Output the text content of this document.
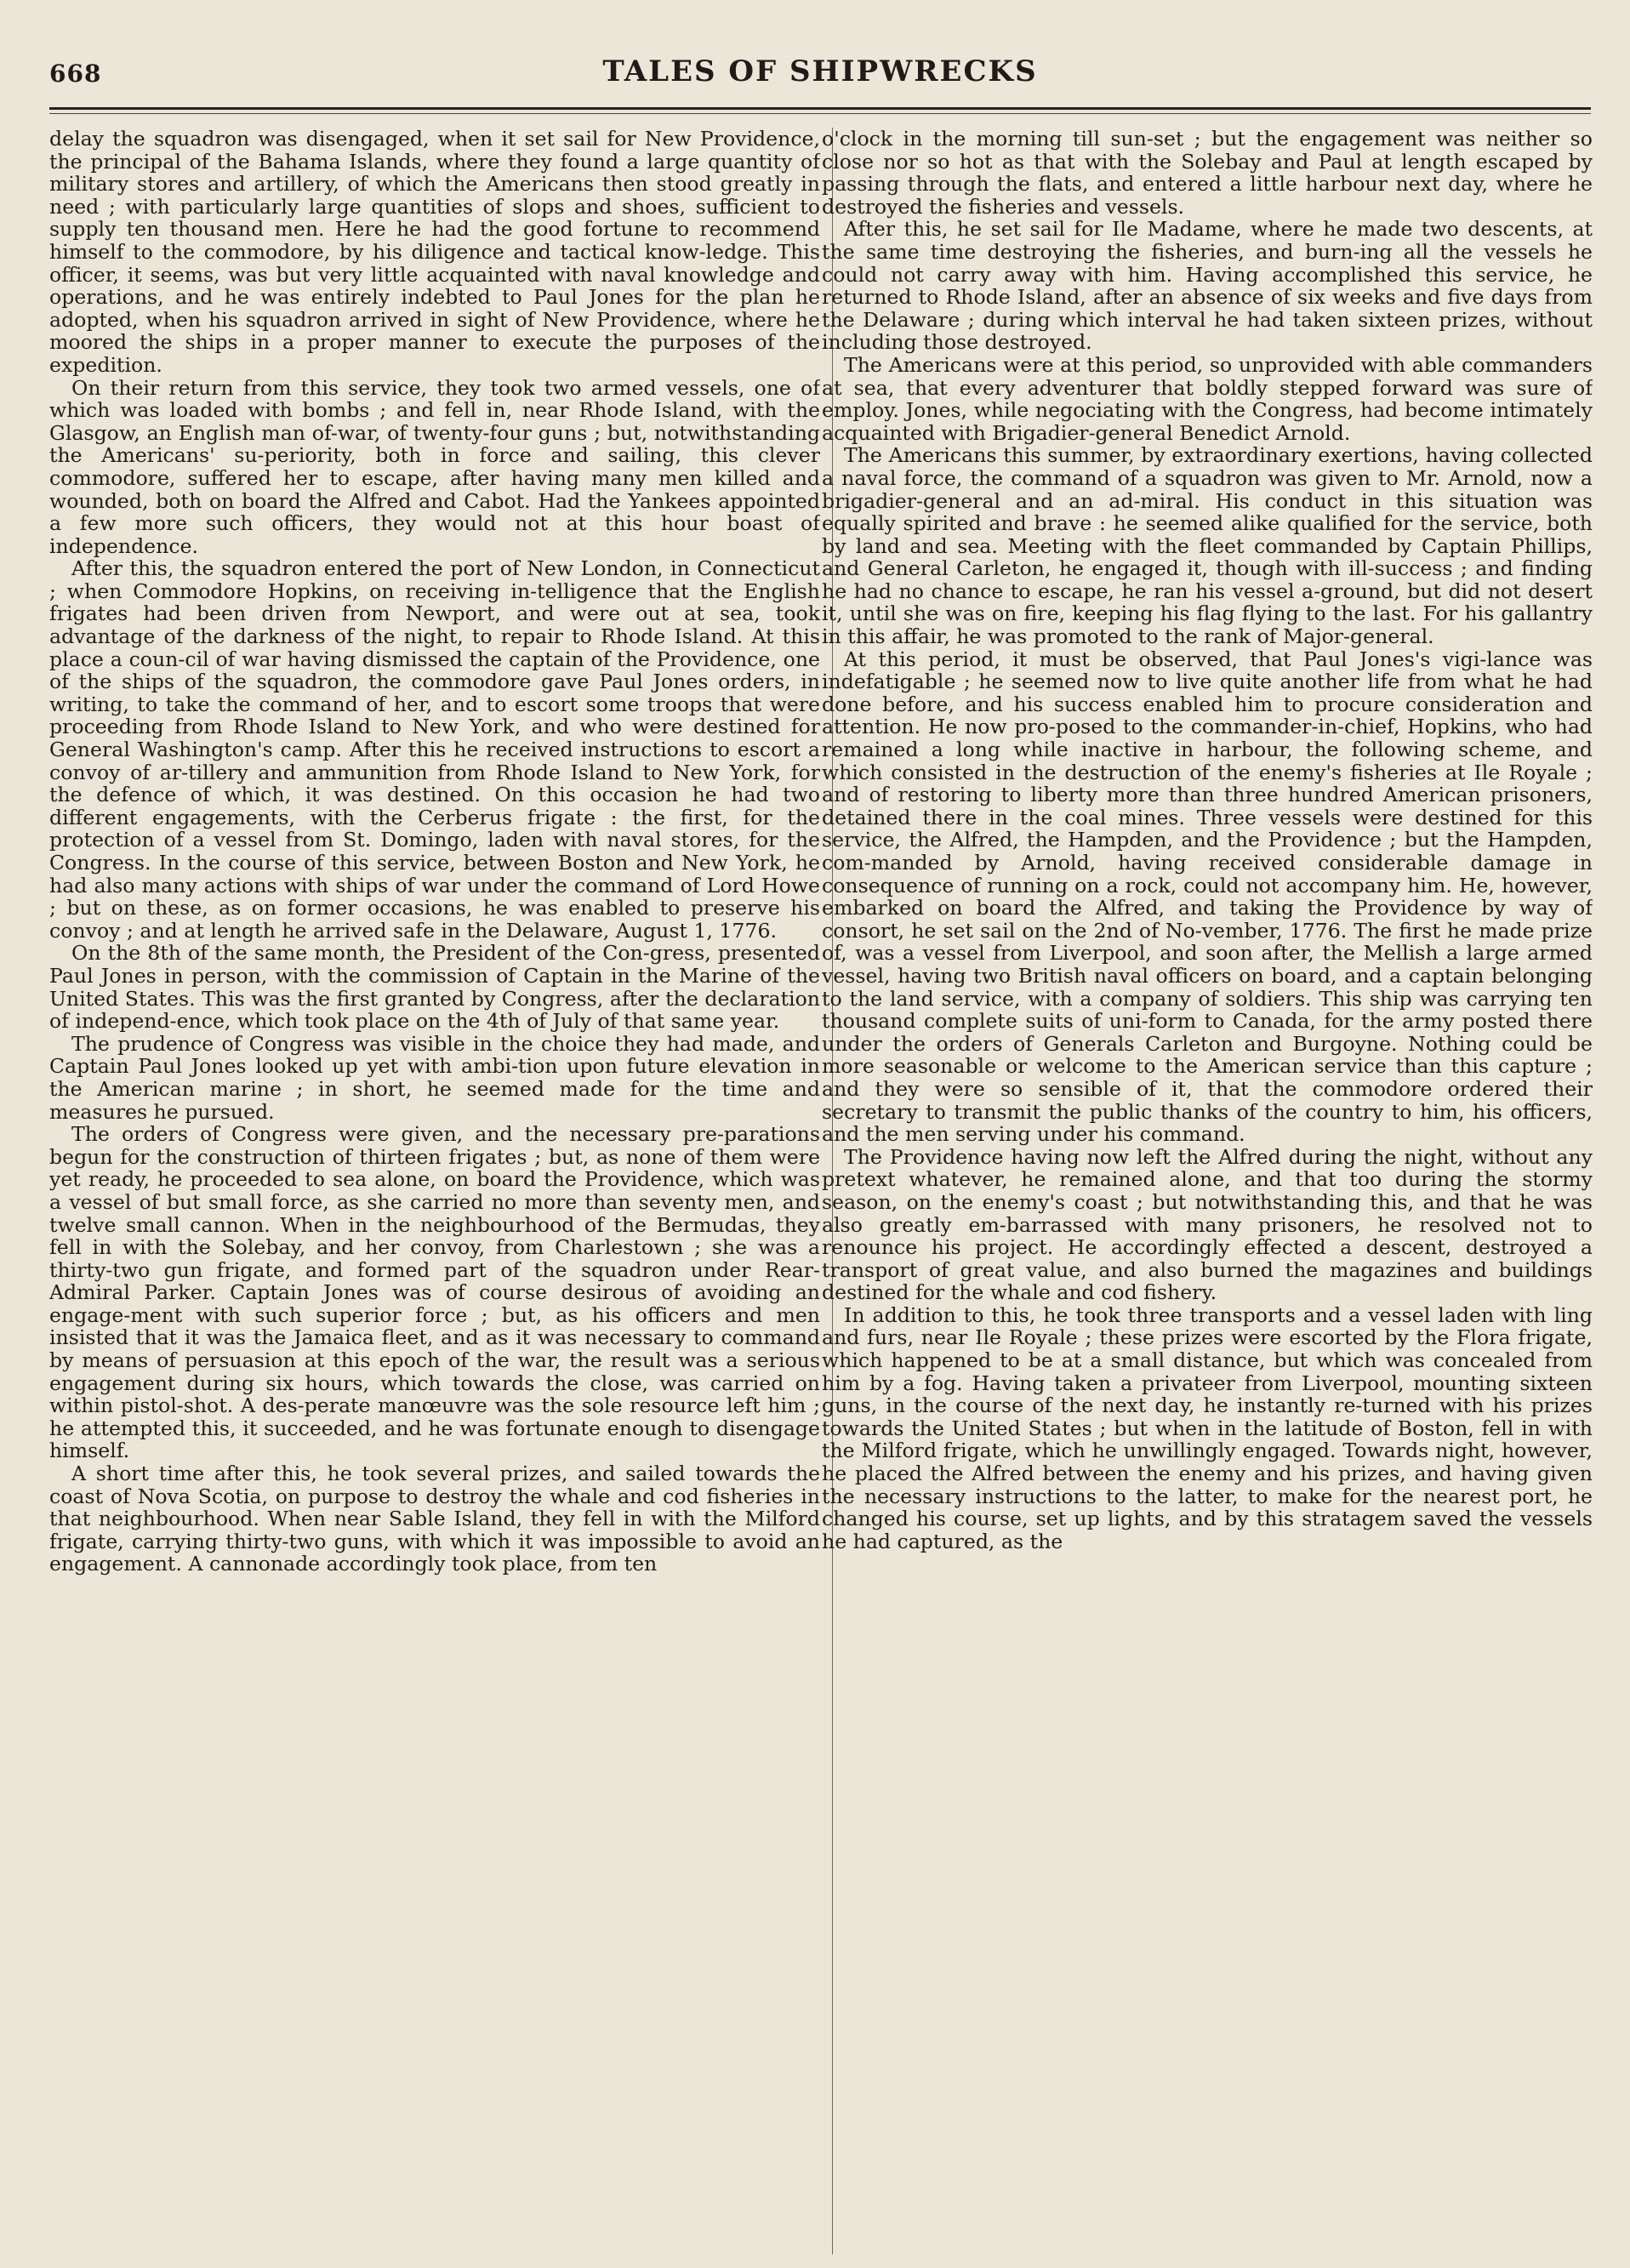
668	TALES OF SHIPWRECKS

delay the squadron was disengaged, when it set sail for New Providence, the principal of the Bahama Islands, where they found a large quantity of military stores and artillery, of which the Americans then stood greatly in need ; with particularly large quantities of slops and shoes, sufficient to supply ten thousand men. Here he had the good fortune to recommend himself to the commodore, by his diligence and tactical know-ledge. This officer, it seems, was but very little acquainted with naval knowledge and operations, and he was entirely indebted to Paul Jones for the plan he adopted, when his squadron arrived in sight of New Providence, where he moored the ships in a proper manner to execute the purposes of the expedition.

On their return from this service, they took two armed vessels, one of which was loaded with bombs ; and fell in, near Rhode Island, with the Glasgow, an English man of-war, of twenty-four guns ; but, notwithstanding the Americans' su-periority, both in force and sailing, this clever commodore, suffered her to escape, after having many men killed and wounded, both on board the Alfred and Cabot. Had the Yankees appointed a few more such officers, they would not at this hour boast of independence.

After this, the squadron entered the port of New London, in Connecticut ; when Commodore Hopkins, on receiving in-telligence that the English frigates had been driven from Newport, and were out at sea, took advantage of the darkness of the night, to repair to Rhode Island. At this place a coun-cil of war having dismissed the captain of the Providence, one of the ships of the squadron, the commodore gave Paul Jones orders, in writing, to take the command of her, and to escort some troops that were proceeding from Rhode Island to New York, and who were destined for General Washington's camp. After this he received instructions to escort a convoy of ar-tillery and ammunition from Rhode Island to New York, for the defence of which, it was destined. On this occasion he had two different engagements, with the Cerberus frigate : the first, for the protection of a vessel from St. Domingo, laden with naval stores, for the Congress. In the course of this service, between Boston and New York, he had also many actions with ships of war under the command of Lord Howe ; but on these, as on former occasions, he was enabled to preserve his convoy ; and at length he arrived safe in the Delaware, August 1, 1776.

On the 8th of the same month, the President of the Con-gress, presented Paul Jones in person, with the commission of Captain in the Marine of the United States. This was the first granted by Congress, after the declaration of independ-ence, which took place on the 4th of July of that same year.

The prudence of Congress was visible in the choice they had made, and Captain Paul Jones looked up yet with ambi-tion upon future elevation in the American marine ; in short, he seemed made for the time and measures he pursued.

The orders of Congress were given, and the necessary pre-parations begun for the construction of thirteen frigates ; but, as none of them were yet ready, he proceeded to sea alone, on board the Providence, which was a vessel of but small force, as she carried no more than seventy men, and twelve small cannon. When in the neighbourhood of the Bermudas, they fell in with the Solebay, and her convoy, from Charlestown ; she was a thirty-two gun frigate, and formed part of the squadron under Rear-Admiral Parker. Captain Jones was of course desirous of avoiding an engage-ment with such superior force ; but, as his officers and men insisted that it was the Jamaica fleet, and as it was necessary to command by means of persuasion at this epoch of the war, the result was a serious engagement during six hours, which towards the close, was carried on within pistol-shot. A des-perate manœuvre was the sole resource left him ; he attempted this, it succeeded, and he was fortunate enough to disengage himself.

A short time after this, he took several prizes, and sailed towards the coast of Nova Scotia, on purpose to destroy the whale and cod fisheries in that neighbourhood. When near Sable Island, they fell in with the Milford frigate, carrying thirty-two guns, with which it was impossible to avoid an engagement. A cannonade accordingly took place, from ten

o'clock in the morning till sun-set ; but the engagement was neither so close nor so hot as that with the Solebay and Paul at length escaped by passing through the flats, and entered a little harbour next day, where he destroyed the fisheries and vessels.

After this, he set sail for Ile Madame, where he made two descents, at the same time destroying the fisheries, and burn-ing all the vessels he could not carry away with him. Having accomplished this service, he returned to Rhode Island, after an absence of six weeks and five days from the Delaware ; during which interval he had taken sixteen prizes, without including those destroyed.

The Americans were at this period, so unprovided with able commanders at sea, that every adventurer that boldly stepped forward was sure of employ. Jones, while negociating with the Congress, had become intimately acquainted with Brigadier-general Benedict Arnold.

The Americans this summer, by extraordinary exertions, having collected a naval force, the command of a squadron was given to Mr. Arnold, now a brigadier-general and an ad-miral. His conduct in this situation was equally spirited and brave : he seemed alike qualified for the service, both by land and sea. Meeting with the fleet commanded by Captain Phillips, and General Carleton, he engaged it, though with ill-success ; and finding he had no chance to escape, he ran his vessel a-ground, but did not desert it, until she was on fire, keeping his flag flying to the last. For his gallantry in this affair, he was promoted to the rank of Major-general.

At this period, it must be observed, that Paul Jones's vigi-lance was indefatigable ; he seemed now to live quite another life from what he had done before, and his success enabled him to procure consideration and attention. He now pro-posed to the commander-in-chief, Hopkins, who had remained a long while inactive in harbour, the following scheme, and which consisted in the destruction of the enemy's fisheries at Ile Royale ; and of restoring to liberty more than three hundred American prisoners, detained there in the coal mines. Three vessels were destined for this service, the Alfred, the Hampden, and the Providence ; but the Hampden, com-manded by Arnold, having received considerable damage in consequence of running on a rock, could not accompany him. He, however, embarked on board the Alfred, and taking the Providence by way of consort, he set sail on the 2nd of No-vember, 1776. The first he made prize of, was a vessel from Liverpool, and soon after, the Mellish a large armed vessel, having two British naval officers on board, and a captain belonging to the land service, with a company of soldiers. This ship was carrying ten thousand complete suits of uni-form to Canada, for the army posted there under the orders of Generals Carleton and Burgoyne. Nothing could be more seasonable or welcome to the American service than this capture ; and they were so sensible of it, that the commodore ordered their secretary to transmit the public thanks of the country to him, his officers, and the men serving under his command.

The Providence having now left the Alfred during the night, without any pretext whatever, he remained alone, and that too during the stormy season, on the enemy's coast ; but notwithstanding this, and that he was also greatly em-barrassed with many prisoners, he resolved not to renounce his project. He accordingly effected a descent, destroyed a transport of great value, and also burned the magazines and buildings destined for the whale and cod fishery.

In addition to this, he took three transports and a vessel laden with ling and furs, near Ile Royale ; these prizes were escorted by the Flora frigate, which happened to be at a small distance, but which was concealed from him by a fog. Having taken a privateer from Liverpool, mounting sixteen guns, in the course of the next day, he instantly re-turned with his prizes towards the United States ; but when in the latitude of Boston, fell in with the Milford frigate, which he unwillingly engaged. Towards night, however, he placed the Alfred between the enemy and his prizes, and having given the necessary instructions to the latter, to make for the nearest port, he changed his course, set up lights, and by this stratagem saved the vessels he had captured, as the
